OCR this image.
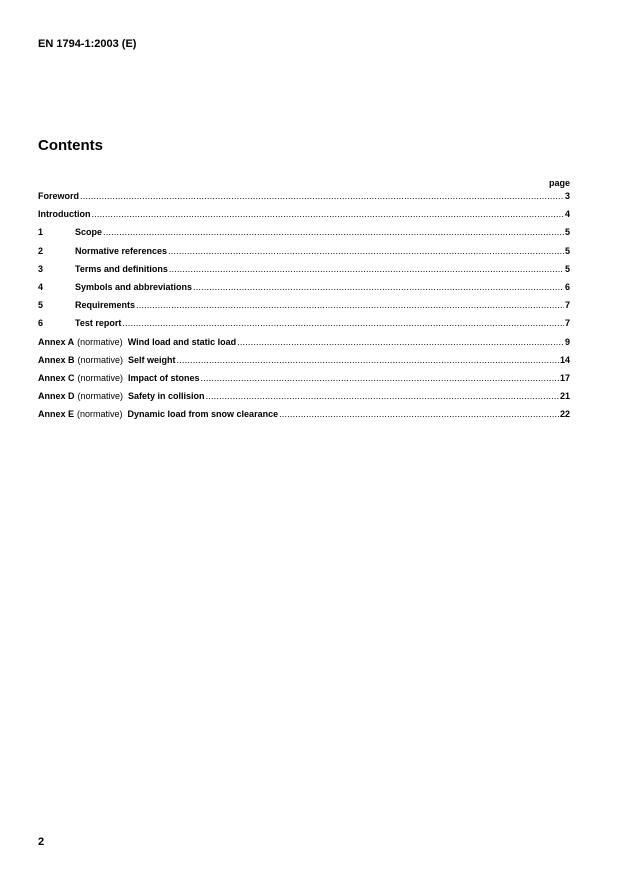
EN 1794-1:2003 (E)
Contents
page
Foreword .....	3
Introduction .....	4
1	Scope .....	5
2	Normative references .....	5
3	Terms and definitions .....	5
4	Symbols and abbreviations .....	6
5	Requirements .....	7
6	Test report .....	7
Annex A (normative) Wind load and static load .....	9
Annex B (normative) Self weight .....	14
Annex C (normative) Impact of stones .....	17
Annex D (normative) Safety in collision .....	21
Annex E (normative) Dynamic load from snow clearance .....	22
2
